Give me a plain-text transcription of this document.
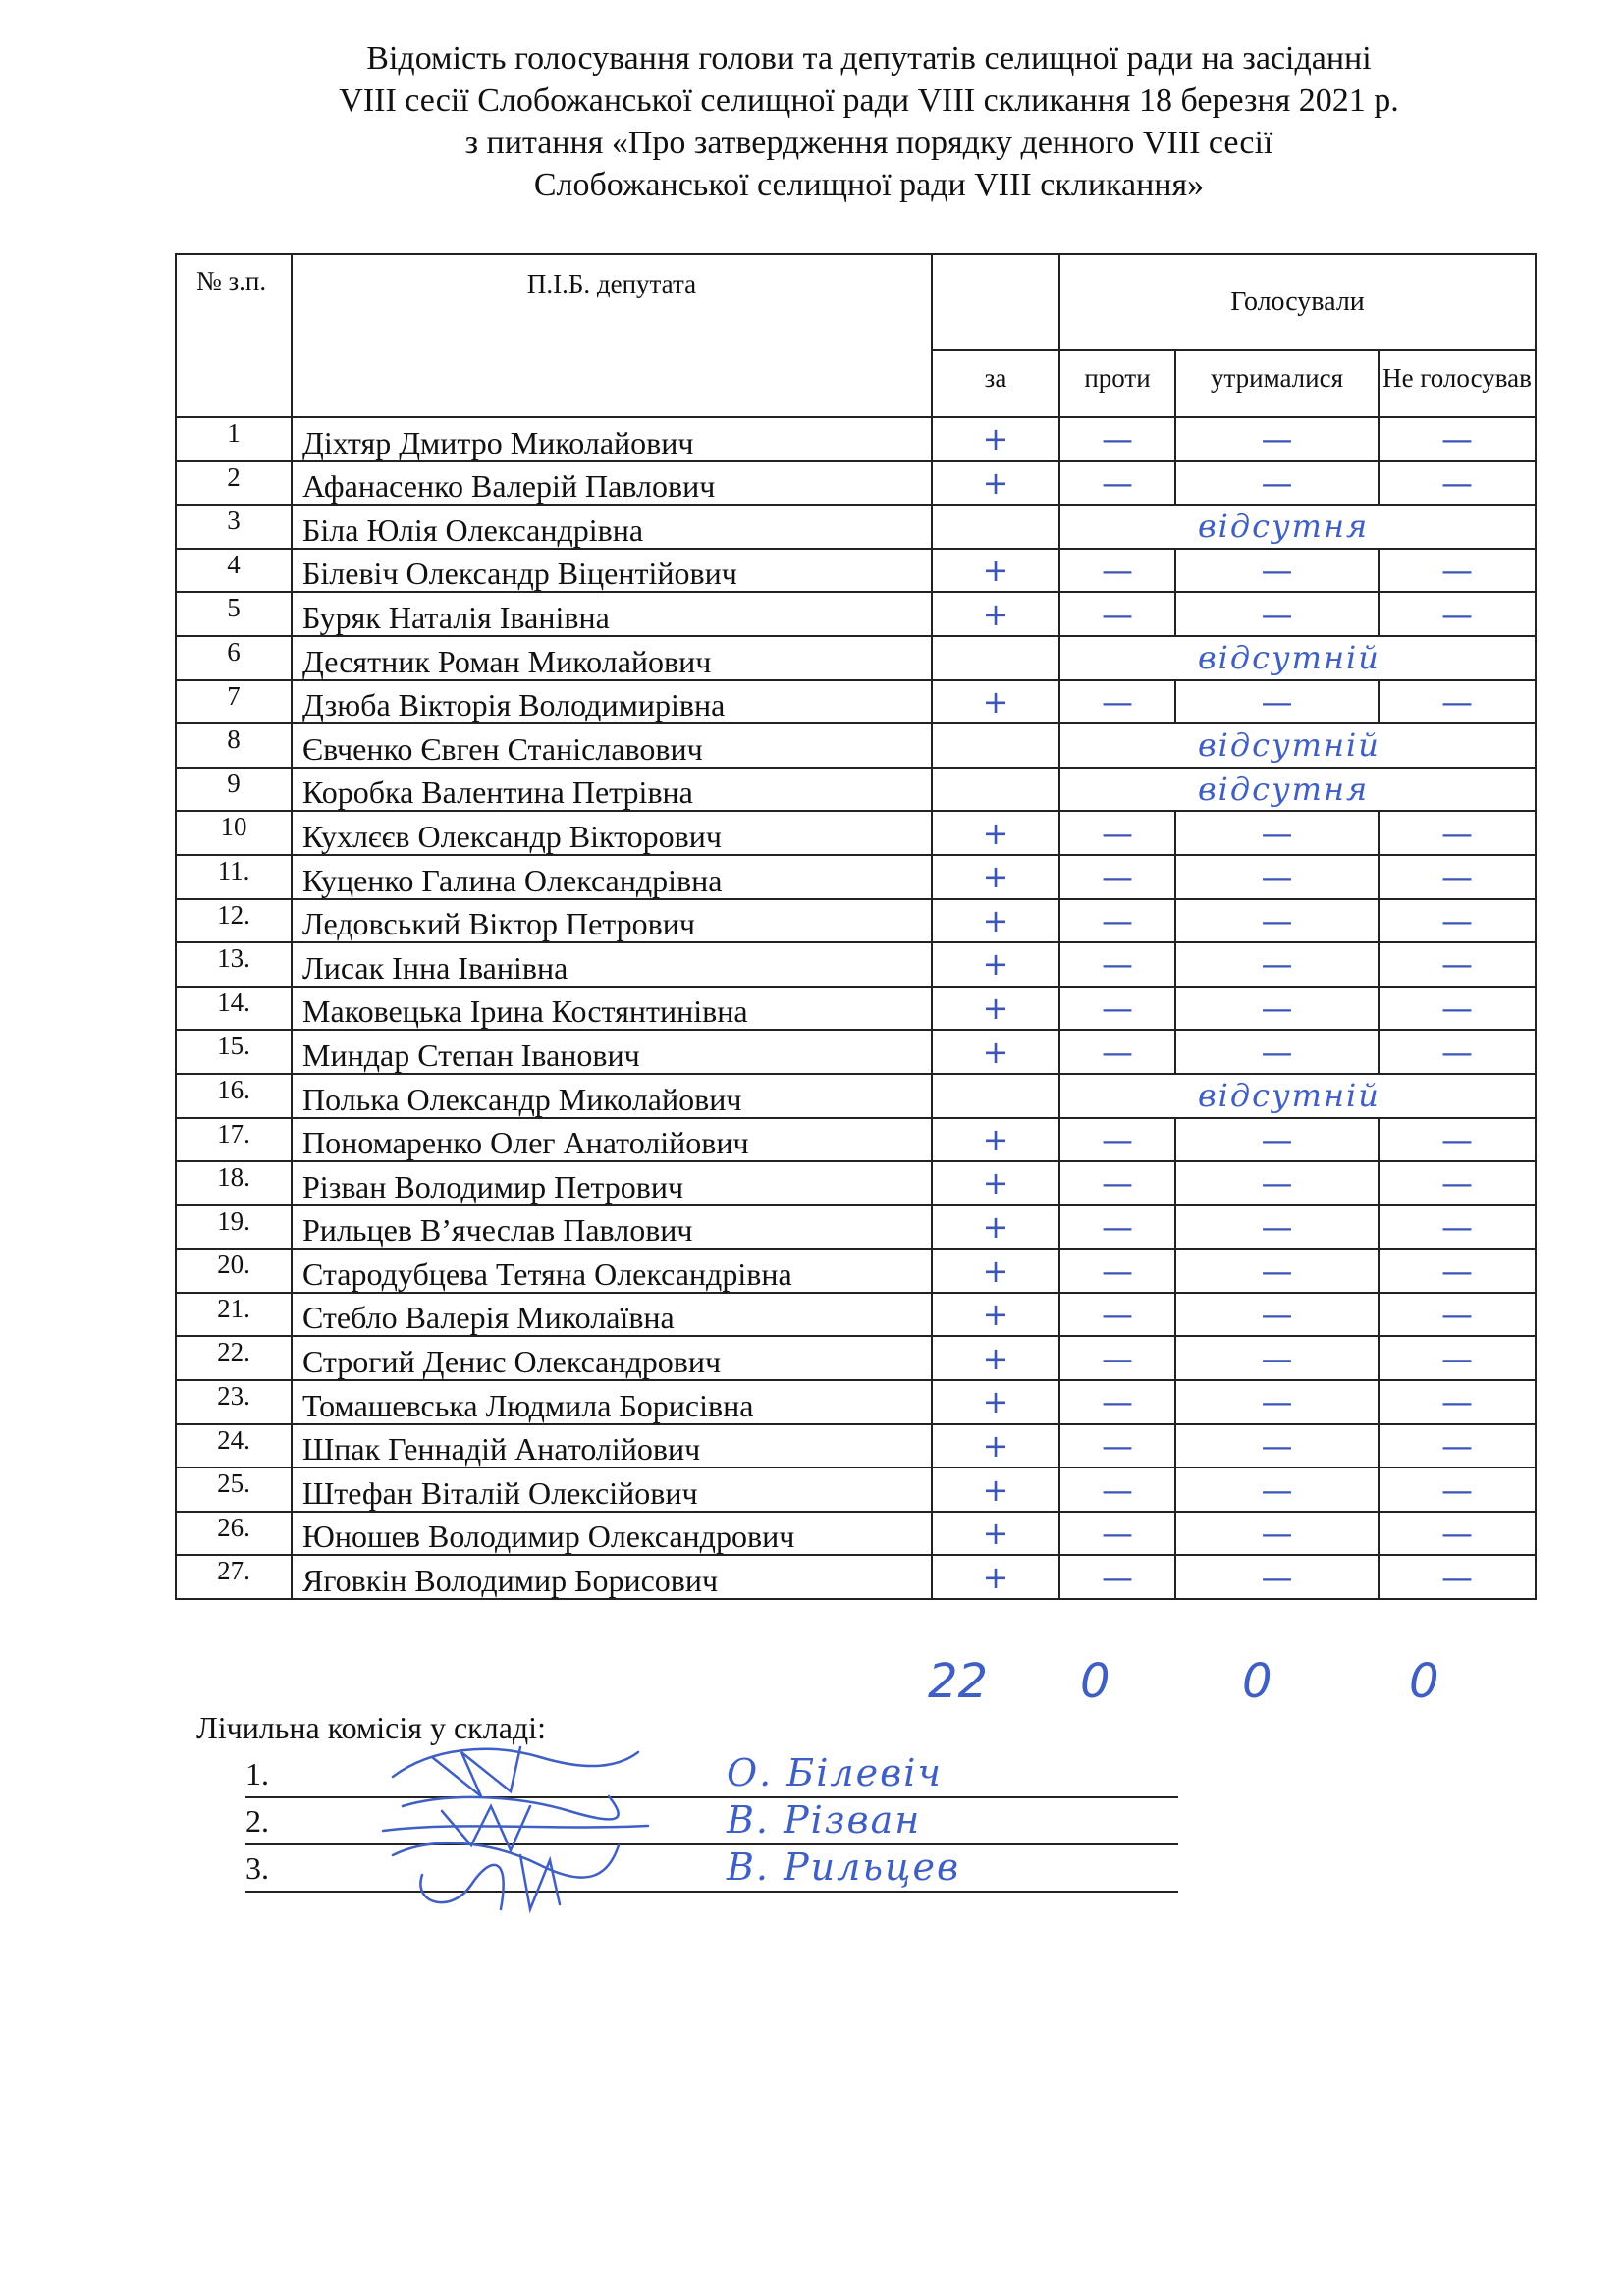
Відомість голосування голови та депутатів селищної ради на засіданні
VIII сесії Слобожанської селищної ради VIII скликання 18 березня 2021 р.
з питання «Про затвердження порядку денного VIII сесії
Слобожанської селищної ради VIII скликання»
№ з.п.	П.І.Б. депутата		Голосували		
		за	проти	утрималися	Не голосував
1	Діхтяр Дмитро Миколайович	+	—	—	—
2	Афанасенко Валерій Павлович	+	—	—	—
3	Біла Юлія Олександрівна		відсутня		
4	Білевіч Олександр Віцентійович	+	—	—	—
5	Буряк Наталія Іванівна	+	—	—	—
6	Десятник Роман Миколайович		відсутній		
7	Дзюба Вікторія Володимирівна	+	—	—	—
8	Євченко Євген Станіславович		відсутній		
9	Коробка Валентина Петрівна		відсутня		
10	Кухлєєв Олександр Вікторович	+	—	—	—
11.	Куценко Галина Олександрівна	+	—	—	—
12.	Ледовський Віктор Петрович	+	—	—	—
13.	Лисак Інна Іванівна	+	—	—	—
14.	Маковецька Ірина Костянтинівна	+	—	—	—
15.	Миндар Степан Іванович	+	—	—	—
16.	Полька Олександр Миколайович		відсутній		
17.	Пономаренко Олег Анатолійович	+	—	—	—
18.	Різван Володимир Петрович	+	—	—	—
19.	Рильцев В’ячеслав Павлович	+	—	—	—
20.	Стародубцева Тетяна Олександрівна	+	—	—	—
21.	Стебло Валерія Миколаївна	+	—	—	—
22.	Строгий Денис Олександрович	+	—	—	—
23.	Томашевська Людмила Борисівна	+	—	—	—
24.	Шпак Геннадій Анатолійович	+	—	—	—
25.	Штефан Віталій Олексійович	+	—	—	—
26.	Юношев Володимир Олександрович	+	—	—	—
27.	Яговкін Володимир Борисович	+	—	—	—
22 0	0	0
Лічильна комісія у складі:
1.	О. Білевіч
2.	В. Різван
3.	В. Рильцев
